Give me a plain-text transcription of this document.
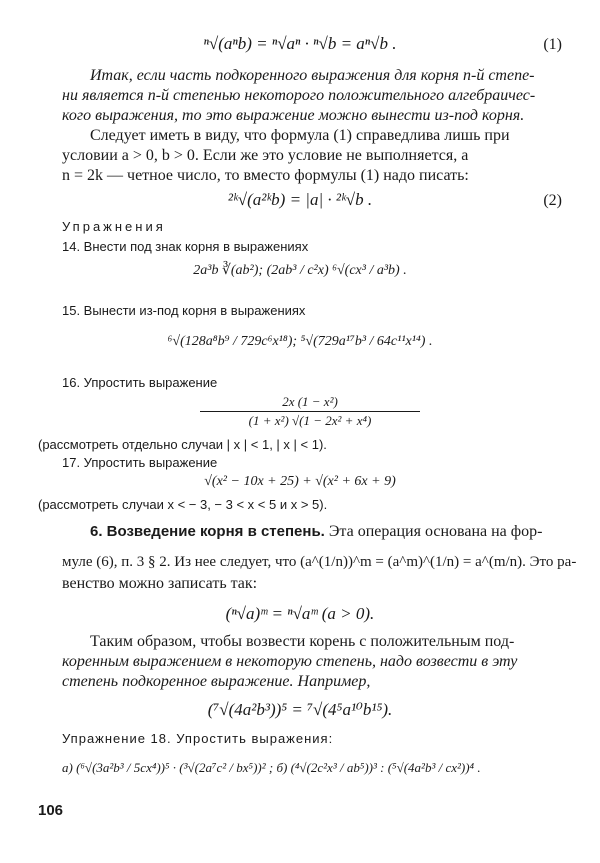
ⁿ√(aⁿb) = ⁿ√aⁿ · ⁿ√b = aⁿ√b .	(1)
Итак, если часть подкоренного выражения для корня n-й степе-
ни является n-й степенью некоторого положительного алгебраичес-
кого выражения, то это выражение можно вынести из-под корня.
Следует иметь в виду, что формула (1) справедлива лишь при
условии a > 0, b > 0. Если же это условие не выполняется, а
n = 2k — четное число, то вместо формулы (1) надо писать:
²ᵏ√(a²ᵏb) = |a| · ²ᵏ√b .	(2)
Упражнения
14. Внести под знак корня в выражениях
2a³b ∛(ab²); (2ab³ / c²x) ⁶√(cx³ / a³b) .
15. Вынести из-под корня в выражениях
⁶√(128a⁸b⁹ / 729c⁶x¹⁸); ⁵√(729a¹⁷b³ / 64c¹¹x¹⁴) .
16. Упростить выражение
$\frac{\text{2x (1 − x²)}}{\text{(1 + x²) √(1 − 2x² + x⁴)}}$
(рассмотреть отдельно случаи | x | < 1, | x | < 1).
17. Упростить выражение
√(x² − 10x + 25) + √(x² + 6x + 9)
(рассмотреть случаи x < − 3, − 3 < x < 5 и x > 5).
6. Возведение корня в степень. Эта операция основана на фор-
муле (6), п. 3 § 2. Из нее следует, что (a^(1/n))^m = (a^m)^(1/n) = a^(m/n). Это ра-
венство можно записать так:
(ⁿ√a)ᵐ = ⁿ√aᵐ (a > 0).
Таким образом, чтобы возвести корень с положительным под-
коренным выражением в некоторую степень, надо возвести в эту
степень подкоренное выражение. Например,
(⁷√(4a²b³))⁵ = ⁷√(4⁵a¹⁰b¹⁵).
Упражнение 18. Упростить выражения:
а) (⁶√(3a²b³ / 5cx⁴))⁵ · (³√(2a⁷c² / bx⁵))² ; б) (⁴√(2c²x³ / ab⁵))³ : (⁵√(4a²b³ / cx²))⁴ .
106
